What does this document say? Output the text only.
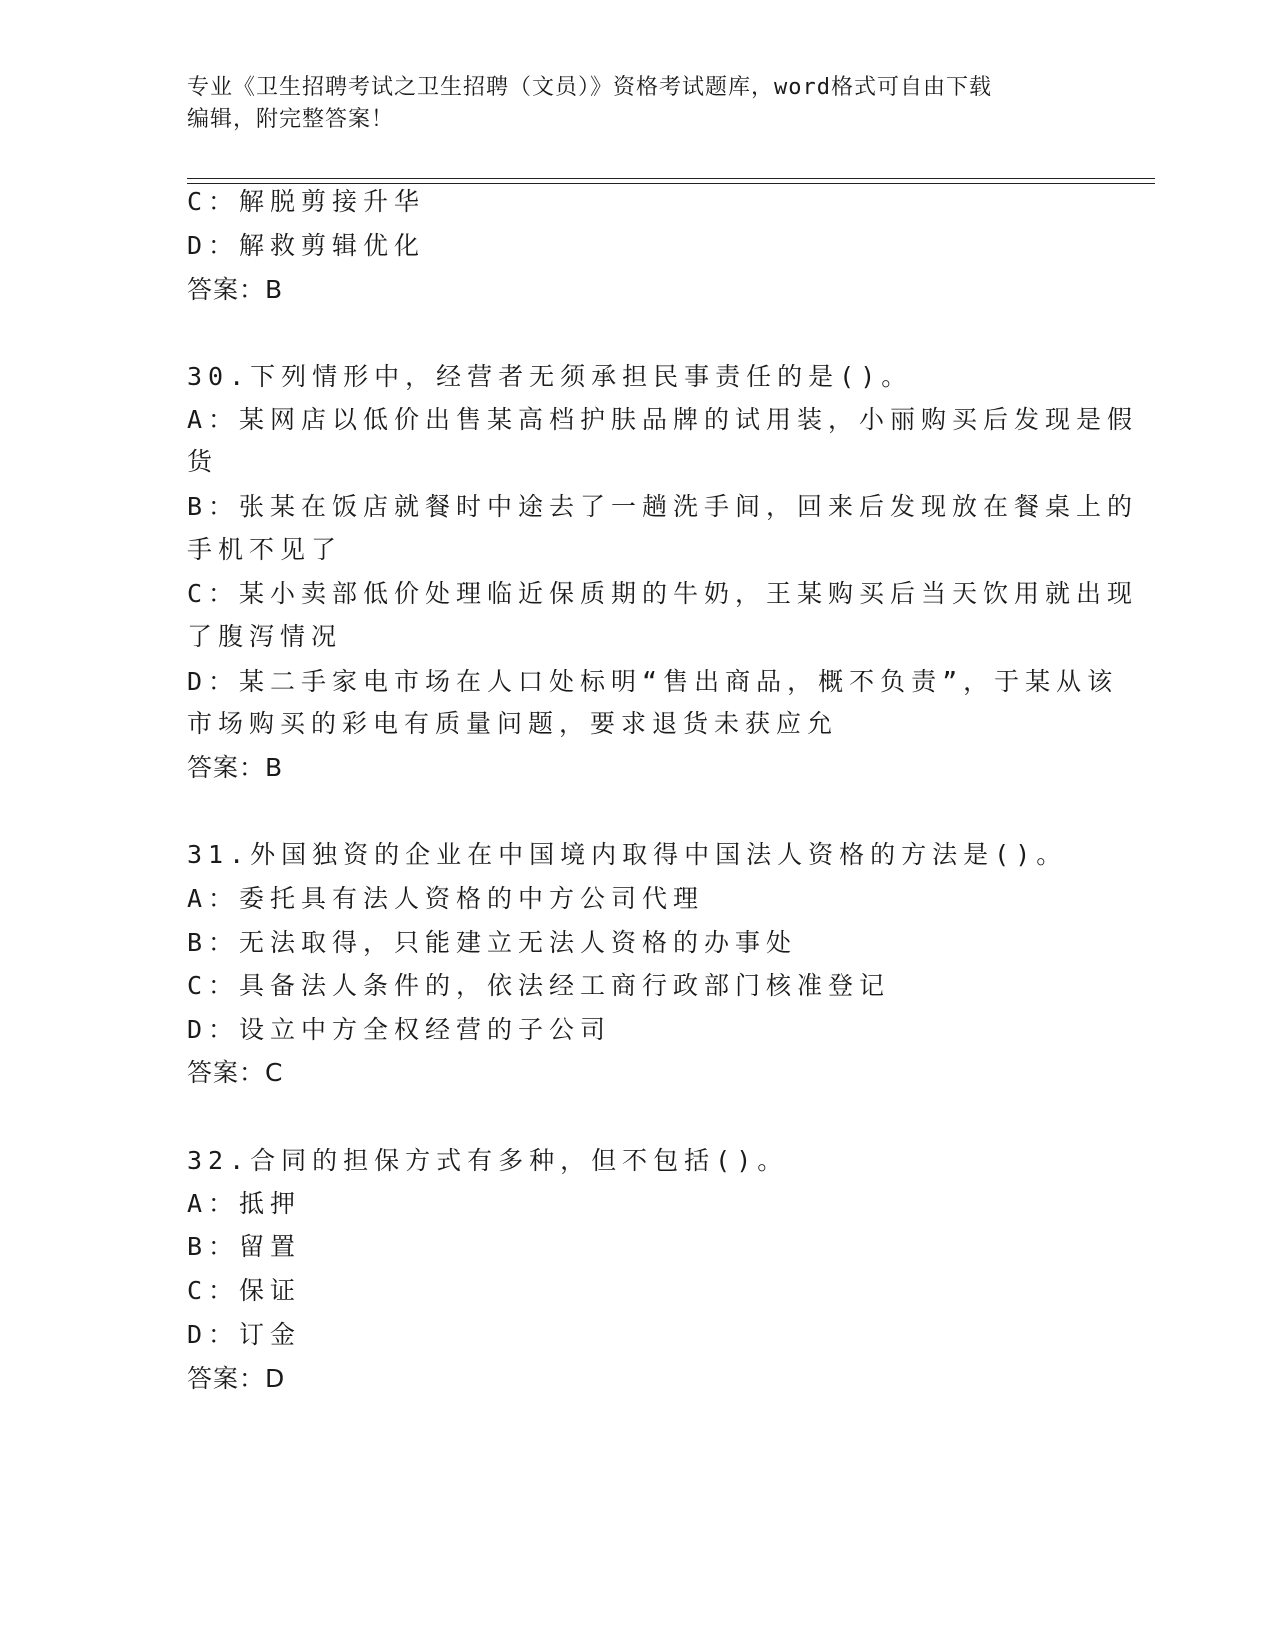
专业《卫生招聘考试之卫生招聘（文员）》资格考试题库，word格式可自由下载
编辑，附完整答案！
C：解脱剪接升华
D：解救剪辑优化
答案：B
30.下列情形中，经营者无须承担民事责任的是()。
A：某网店以低价出售某高档护肤品牌的试用装，小丽购买后发现是假
货
B：张某在饭店就餐时中途去了一趟洗手间，回来后发现放在餐桌上的
手机不见了
C：某小卖部低价处理临近保质期的牛奶，王某购买后当天饮用就出现
了腹泻情况
D：某二手家电市场在人口处标明“售出商品，概不负责”，于某从该
市场购买的彩电有质量问题，要求退货未获应允
答案：B
31.外国独资的企业在中国境内取得中国法人资格的方法是()。
A：委托具有法人资格的中方公司代理
B：无法取得，只能建立无法人资格的办事处
C：具备法人条件的，依法经工商行政部门核准登记
D：设立中方全权经营的子公司
答案：C
32.合同的担保方式有多种，但不包括()。
A：抵押
B：留置
C：保证
D：订金
答案：D
